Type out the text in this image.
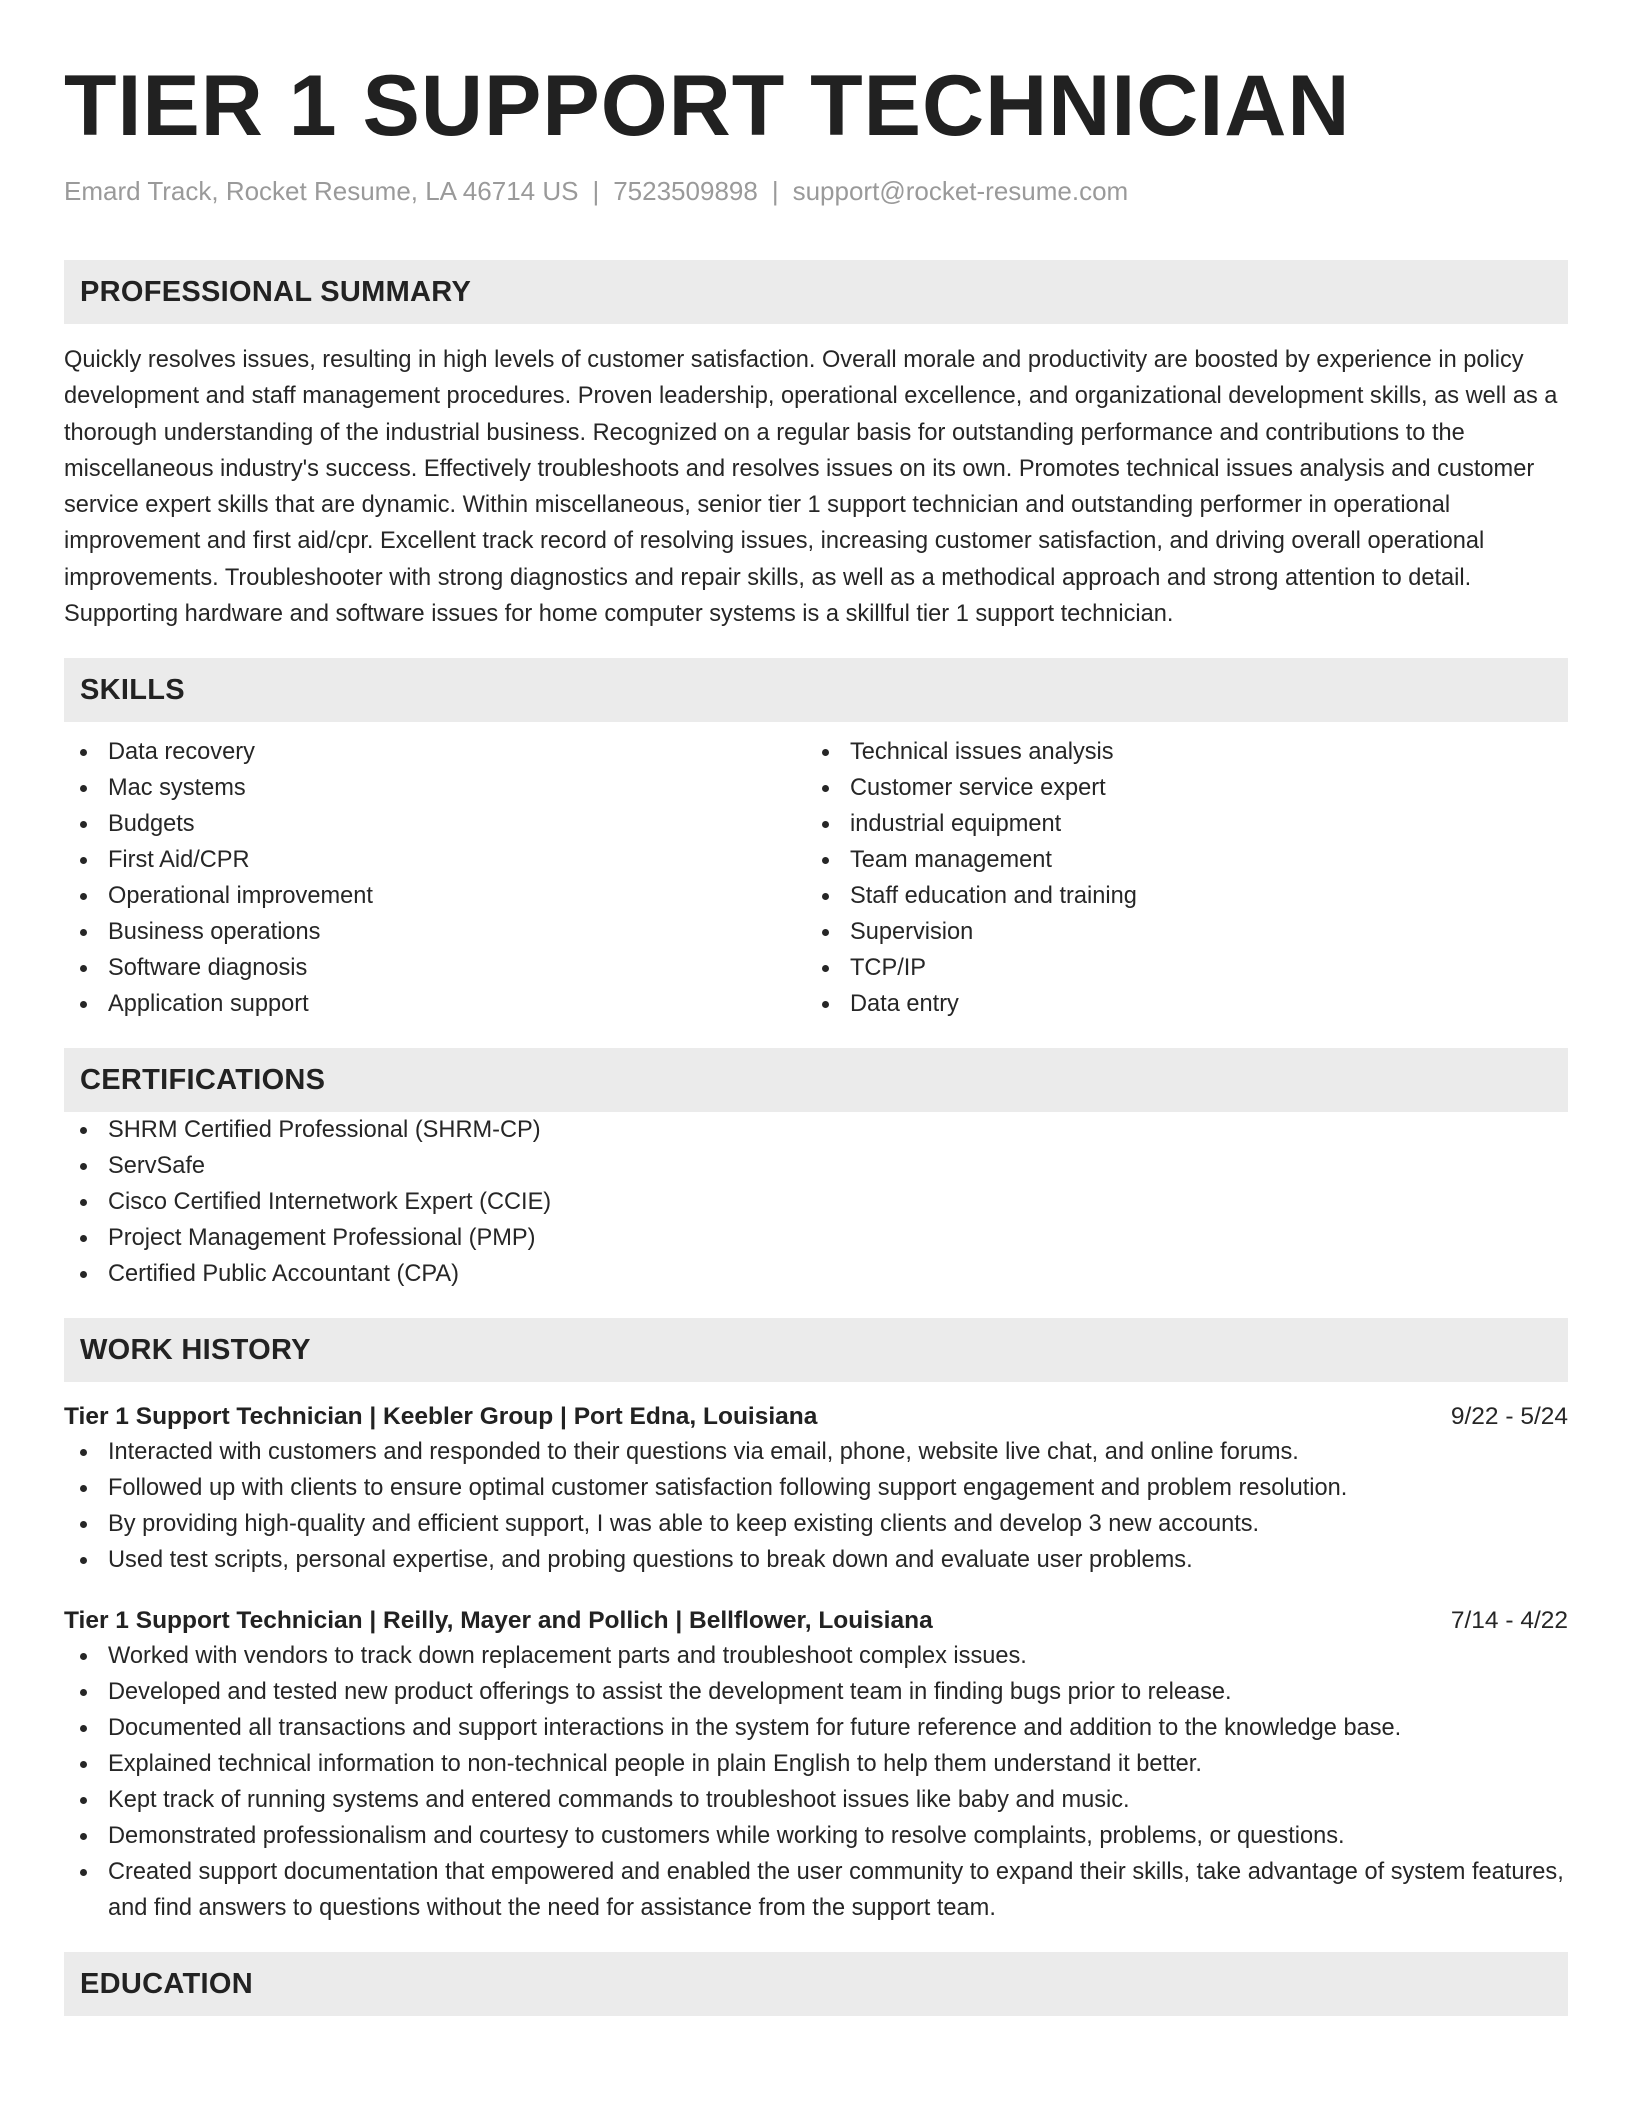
TIER 1 SUPPORT TECHNICIAN
Emard Track, Rocket Resume, LA 46714 US | 7523509898 | support@rocket-resume.com
PROFESSIONAL SUMMARY
Quickly resolves issues, resulting in high levels of customer satisfaction. Overall morale and productivity are boosted by experience in policy development and staff management procedures. Proven leadership, operational excellence, and organizational development skills, as well as a thorough understanding of the industrial business. Recognized on a regular basis for outstanding performance and contributions to the miscellaneous industry's success. Effectively troubleshoots and resolves issues on its own. Promotes technical issues analysis and customer service expert skills that are dynamic. Within miscellaneous, senior tier 1 support technician and outstanding performer in operational improvement and first aid/cpr. Excellent track record of resolving issues, increasing customer satisfaction, and driving overall operational improvements. Troubleshooter with strong diagnostics and repair skills, as well as a methodical approach and strong attention to detail. Supporting hardware and software issues for home computer systems is a skillful tier 1 support technician.
SKILLS
Data recovery
Mac systems
Budgets
First Aid/CPR
Operational improvement
Business operations
Software diagnosis
Application support
Technical issues analysis
Customer service expert
industrial equipment
Team management
Staff education and training
Supervision
TCP/IP
Data entry
CERTIFICATIONS
SHRM Certified Professional (SHRM-CP)
ServSafe
Cisco Certified Internetwork Expert (CCIE)
Project Management Professional (PMP)
Certified Public Accountant (CPA)
WORK HISTORY
Tier 1 Support Technician | Keebler Group | Port Edna, Louisiana	9/22 - 5/24
Interacted with customers and responded to their questions via email, phone, website live chat, and online forums.
Followed up with clients to ensure optimal customer satisfaction following support engagement and problem resolution.
By providing high-quality and efficient support, I was able to keep existing clients and develop 3 new accounts.
Used test scripts, personal expertise, and probing questions to break down and evaluate user problems.
Tier 1 Support Technician | Reilly, Mayer and Pollich | Bellflower, Louisiana	7/14 - 4/22
Worked with vendors to track down replacement parts and troubleshoot complex issues.
Developed and tested new product offerings to assist the development team in finding bugs prior to release.
Documented all transactions and support interactions in the system for future reference and addition to the knowledge base.
Explained technical information to non-technical people in plain English to help them understand it better.
Kept track of running systems and entered commands to troubleshoot issues like baby and music.
Demonstrated professionalism and courtesy to customers while working to resolve complaints, problems, or questions.
Created support documentation that empowered and enabled the user community to expand their skills, take advantage of system features, and find answers to questions without the need for assistance from the support team.
EDUCATION
